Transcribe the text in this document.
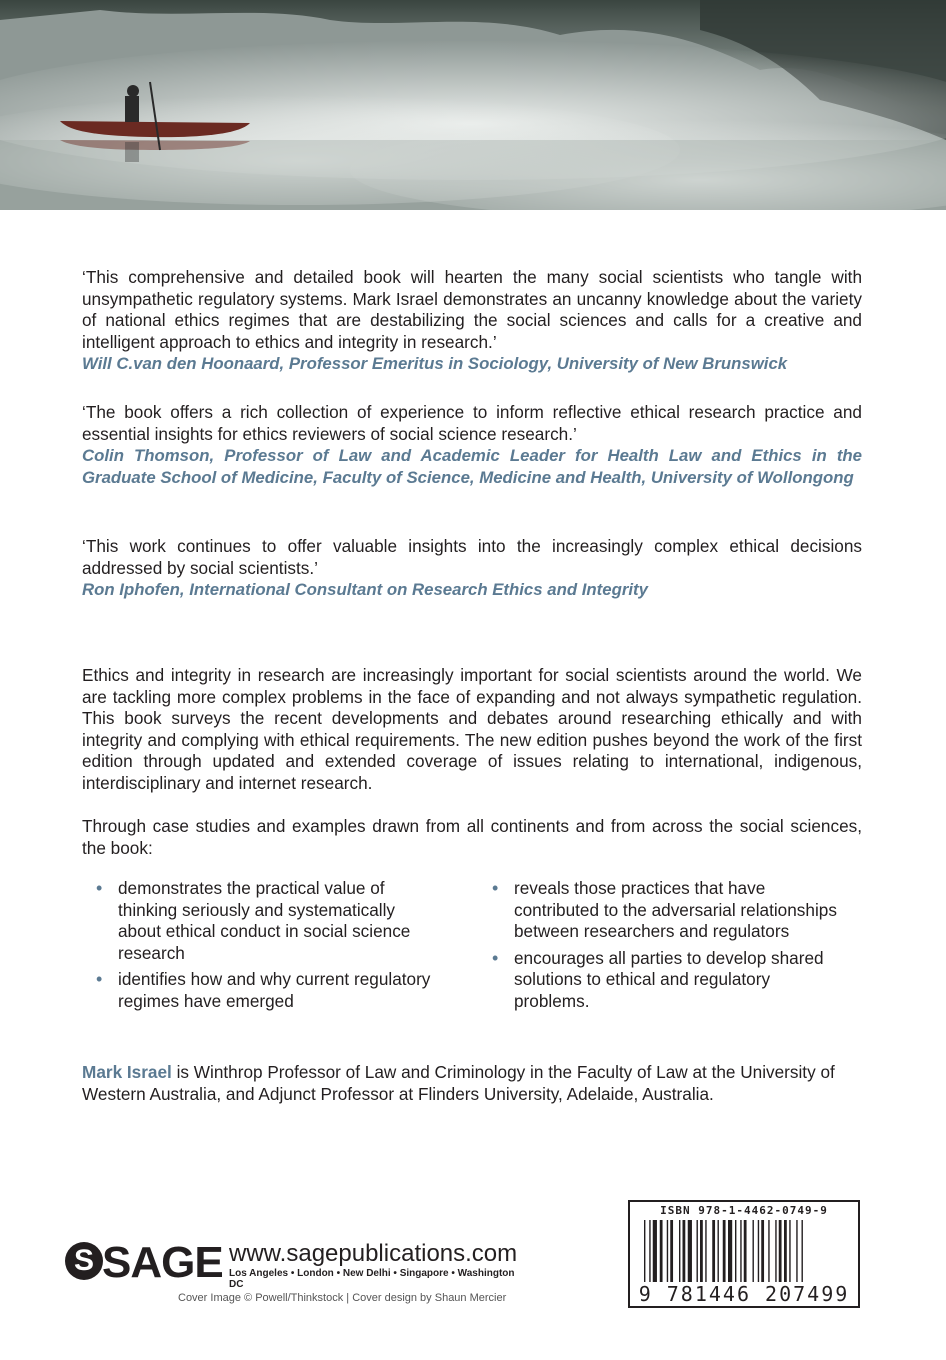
‘This comprehensive and detailed book will hearten the many social scientists who tangle with unsympathetic regulatory systems. Mark Israel demonstrates an uncanny knowledge about the variety of national ethics regimes that are destabilizing the social sciences and calls for a creative and intelligent approach to ethics and integrity in research.’

Will C.van den Hoonaard, Professor Emeritus in Sociology, University of New Brunswick

‘The book offers a rich collection of experience to inform reflective ethical research practice and essential insights for ethics reviewers of social science research.’

Colin Thomson, Professor of Law and Academic Leader for Health Law and Ethics in the Graduate School of Medicine, Faculty of Science, Medicine and Health, University of Wollongong

‘This work continues to offer valuable insights into the increasingly complex ethical decisions addressed by social scientists.’

Ron Iphofen, International Consultant on Research Ethics and Integrity

Ethics and integrity in research are increasingly important for social scientists around the world. We are tackling more complex problems in the face of expanding and not always sympathetic regulation. This book surveys the recent developments and debates around researching ethically and with integrity and complying with ethical requirements. The new edition pushes beyond the work of the first edition through updated and extended coverage of issues relating to international, indigenous, interdisciplinary and internet research.

Through case studies and examples drawn from all continents and from across the social sciences, the book:

• demonstrates the practical value of thinking seriously and systematically about ethical conduct in social science research
• identifies how and why current regulatory regimes have emerged
• reveals those practices that have contributed to the adversarial relationships between researchers and regulators
• encourages all parties to develop shared solutions to ethical and regulatory problems.

Mark Israel is Winthrop Professor of Law and Criminology in the Faculty of Law at the University of Western Australia, and Adjunct Professor at Flinders University, Adelaide, Australia.

S SAGE www.sagepublications.com
Los Angeles • London • New Delhi • Singapore • Washington DC
Cover Image © Powell/Thinkstock | Cover design by Shaun Mercier
ISBN 978-1-4462-0749-9
9 781446 207499
